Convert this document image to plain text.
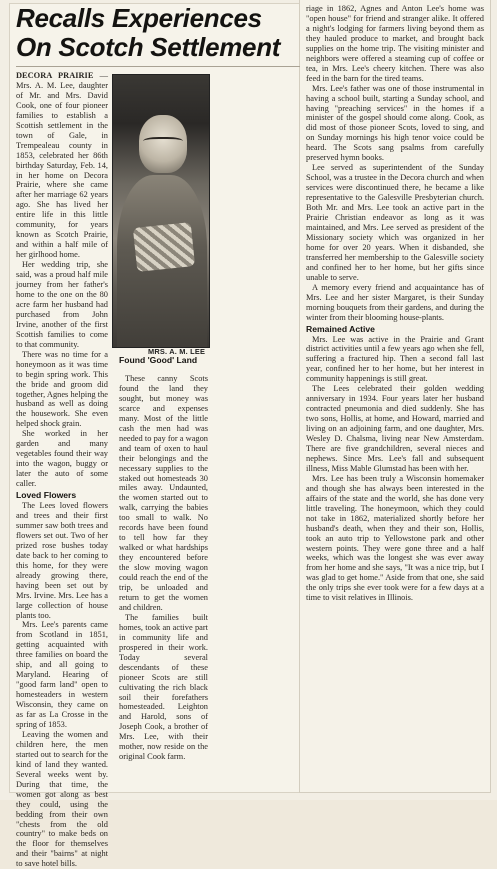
Recalls Experiences
On Scotch Settlement

DECORA PRAIRIE — Mrs. A. M. Lee, daughter of Mr. and Mrs. David Cook, one of four pioneer families to establish a Scottish settlement in the town of Gale, in Trempealeau county in 1853, celebrated her 86th birthday Saturday, Feb. 14, in her home on Decora Prairie, where she came after her marriage 62 years ago. She has lived her entire life in this little community, for years known as Scotch Prairie, and within a half mile of her girlhood home.

Her wedding trip, she said, was a proud half mile journey from her father's home to the one on the 80 acre farm her husband had purchased from John Irvine, another of the first Scottish families to come to that community.

There was no time for a honeymoon as it was time to begin spring work. This the bride and groom did together, Agnes helping the husband as well as doing the housework. She even helped shock grain.

She worked in her garden and many vegetables found their way into the wagon, buggy or later the auto of some caller.

Loved Flowers

The Lees loved flowers and trees and their first summer saw both trees and flowers set out. Two of her prized rose bushes today date back to her coming to this home, for they were already growing there, having been set out by Mrs. Irvine. Mrs. Lee has a large collection of house plants too.

Mrs. Lee's parents came from Scotland in 1851, getting acquainted with three families on board the ship, and all going to Maryland. Hearing of "good farm land" open to homesteaders in western Wisconsin, they came on as far as La Crosse in the spring of 1853.

Leaving the women and children here, the men started out to search for the kind of land they wanted. Several weeks went by. During that time, the women got along as best they could, using the bedding from their own "chests from the old country" to make beds on the floor for themselves and their "bairns" at night to save hotel bills.

MRS. A. M. LEE
Found 'Good' Land

These canny Scots found the land they sought, but money was scarce and expenses many. Most of the little cash the men had was needed to pay for a wagon and team of oxen to haul their belongings and the necessary supplies to the staked out homesteads 30 miles away. Undaunted, the women started out to walk, carrying the babies too small to walk. No records have been found to tell how far they walked or what hardships they encountered before the slow moving wagon could reach the end of the trip, be unloaded and return to get the women and children.

The families built homes, took an active part in community life and prospered in their work. Today several descendants of these pioneer Scots are still cultivating the rich black soil their forefathers homesteaded. Leighton and Harold, sons of Joseph Cook, a brother of Mrs. Lee, with their mother, now reside on the original Cook farm.

riage in 1862, Agnes and Anton Lee's home was "open house" for friend and stranger alike. It offered a night's lodging for farmers living beyond them as they hauled produce to market, and brought back supplies on the home trip. The visiting minister and neighbors were offered a steaming cup of coffee or tea, in Mrs. Lee's cheery kitchen. There was also feed in the barn for the tired teams.

Mrs. Lee's father was one of those instrumental in having a school built, starting a Sunday school, and having "preaching services" in the homes if a minister of the gospel should come along. Cook, as did most of those pioneer Scots, loved to sing, and on Sunday mornings his high tenor voice could be heard. The Scots sang psalms from carefully preserved hymn books.

Lee served as superintendent of the Sunday School, was a trustee in the Decora church and when services were discontinued there, he became a like representative to the Galesville Presbyterian church. Both Mr. and Mrs. Lee took an active part in the Prairie Christian endeavor as long as it was maintained, and Mrs. Lee served as president of the Missionary society which was organized in her home for over 20 years. When it disbanded, she transferred her membership to the Galesville society and confined her to her home, but her gifts since unable to serve.

A memory every friend and acquaintance has of Mrs. Lee and her sister Margaret, is their Sunday morning bouquets from their gardens, and during the winter from their blooming house-plants.

Remained Active

Mrs. Lee was active in the Prairie and Grant district activities until a few years ago when she fell, suffering a fractured hip. Then a second fall last year, confined her to her home, but her interest in community happenings is still great.

The Lees celebrated their golden wedding anniversary in 1934. Four years later her husband contracted pneumonia and died suddenly. She has two sons, Hollis, at home, and Howard, married and living on an adjoining farm, and one daughter, Mrs. Wesley D. Chalsma, living near New Amsterdam. There are five grandchildren, several nieces and nephews. Since Mrs. Lee's fall and subsequent illness, Miss Mable Glumstad has been with her.

Mrs. Lee has been truly a Wisconsin homemaker and though she has always been interested in the affairs of the state and the world, she has done very little traveling. The honeymoon, which they could not take in 1862, materialized shortly before her husband's death, when they and their son, Hollis, took an auto trip to Yellowstone park and other western points. They were gone three and a half weeks, which was the longest she was ever away from her home and she says, "It was a nice trip, but I was glad to get home." Aside from that one, she said the only trips she ever took were for a few days at a time to visit relatives in Illinois.
